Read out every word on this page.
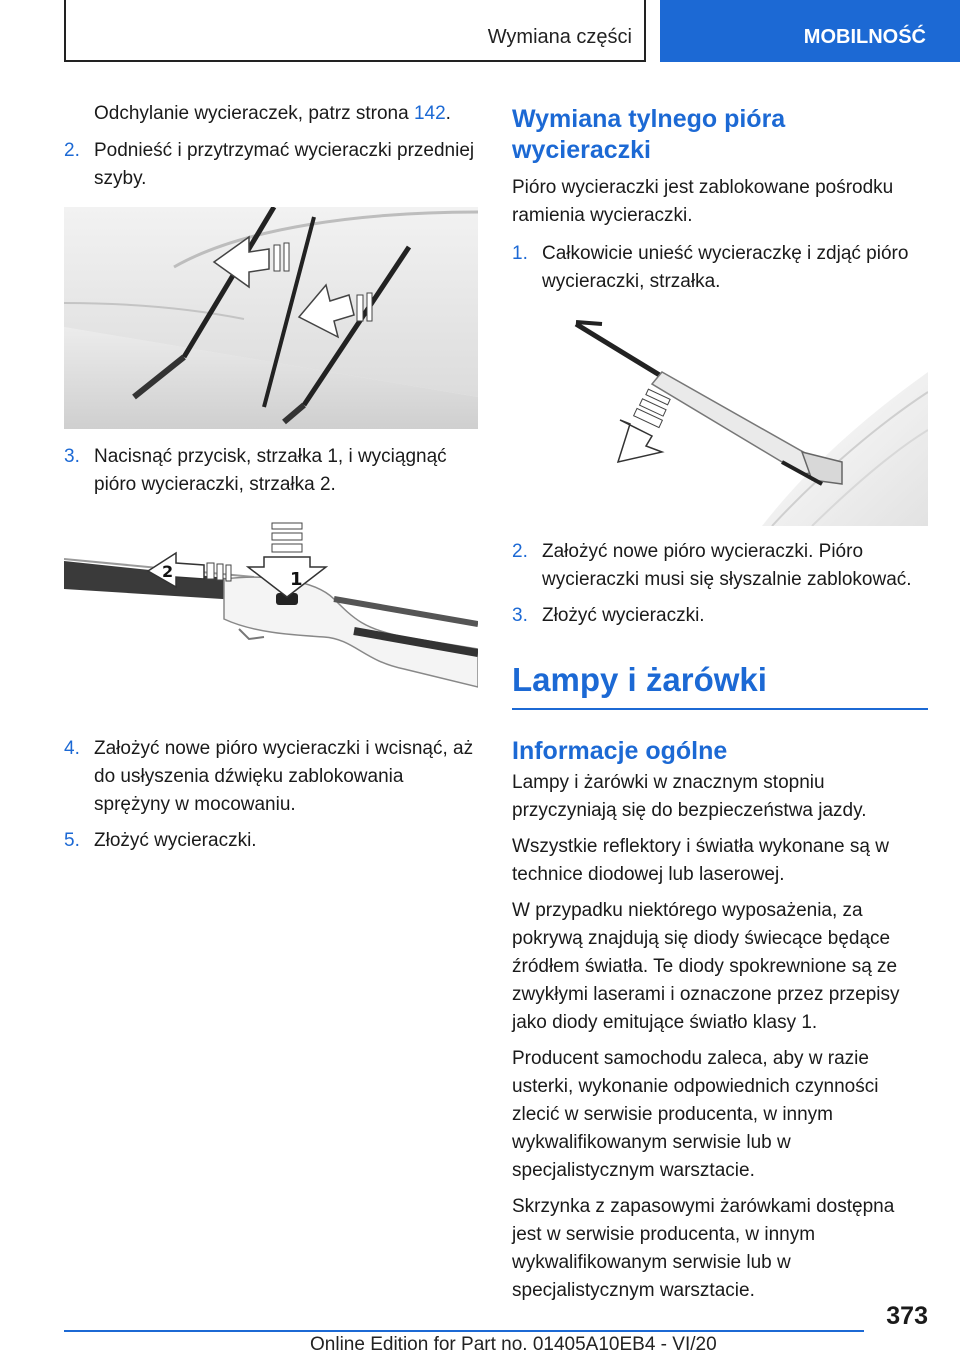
Wymiana części	MOBILNOŚĆ

Odchylanie wycieraczek, patrz strona 142.

2. Podnieść i przytrzymać wycieraczki przedniej szyby.
3. Nacisnąć przycisk, strzałka 1, i wyciągnąć pióro wycieraczki, strzałka 2.
1
2
4. Założyć nowe pióro wycieraczki i wcisnąć, aż do usłyszenia dźwięku zablokowania sprężyny w mocowaniu.
5. Złożyć wycieraczki.
Wymiana tylnego pióra wycieraczki

Pióro wycieraczki jest zablokowane pośrodku ramienia wycieraczki.

1. Całkowicie unieść wycieraczkę i zdjąć pióro wycieraczki, strzałka.
2. Założyć nowe pióro wycieraczki. Pióro wycieraczki musi się słyszalnie zablokować.
3. Złożyć wycieraczki.
Lampy i żarówki
Informacje ogólne

Lampy i żarówki w znacznym stopniu przyczyniają się do bezpieczeństwa jazdy.

Wszystkie reflektory i światła wykonane są w technice diodowej lub laserowej.

W przypadku niektórego wyposażenia, za pokrywą znajdują się diody świecące będące źródłem światła. Te diody spokrewnione są ze zwykłymi laserami i oznaczone przez przepisy jako diody emitujące światło klasy 1.

Producent samochodu zaleca, aby w razie usterki, wykonanie odpowiednich czynności zlecić w serwisie producenta, w innym wykwalifikowanym serwisie lub w specjalistycznym warsztacie.

Skrzynka z zapasowymi żarówkami dostępna jest w serwisie producenta, w innym wykwalifikowanym serwisie lub w specjalistycznym warsztacie.

373
Online Edition for Part no. 01405A10EB4 - VI/20
